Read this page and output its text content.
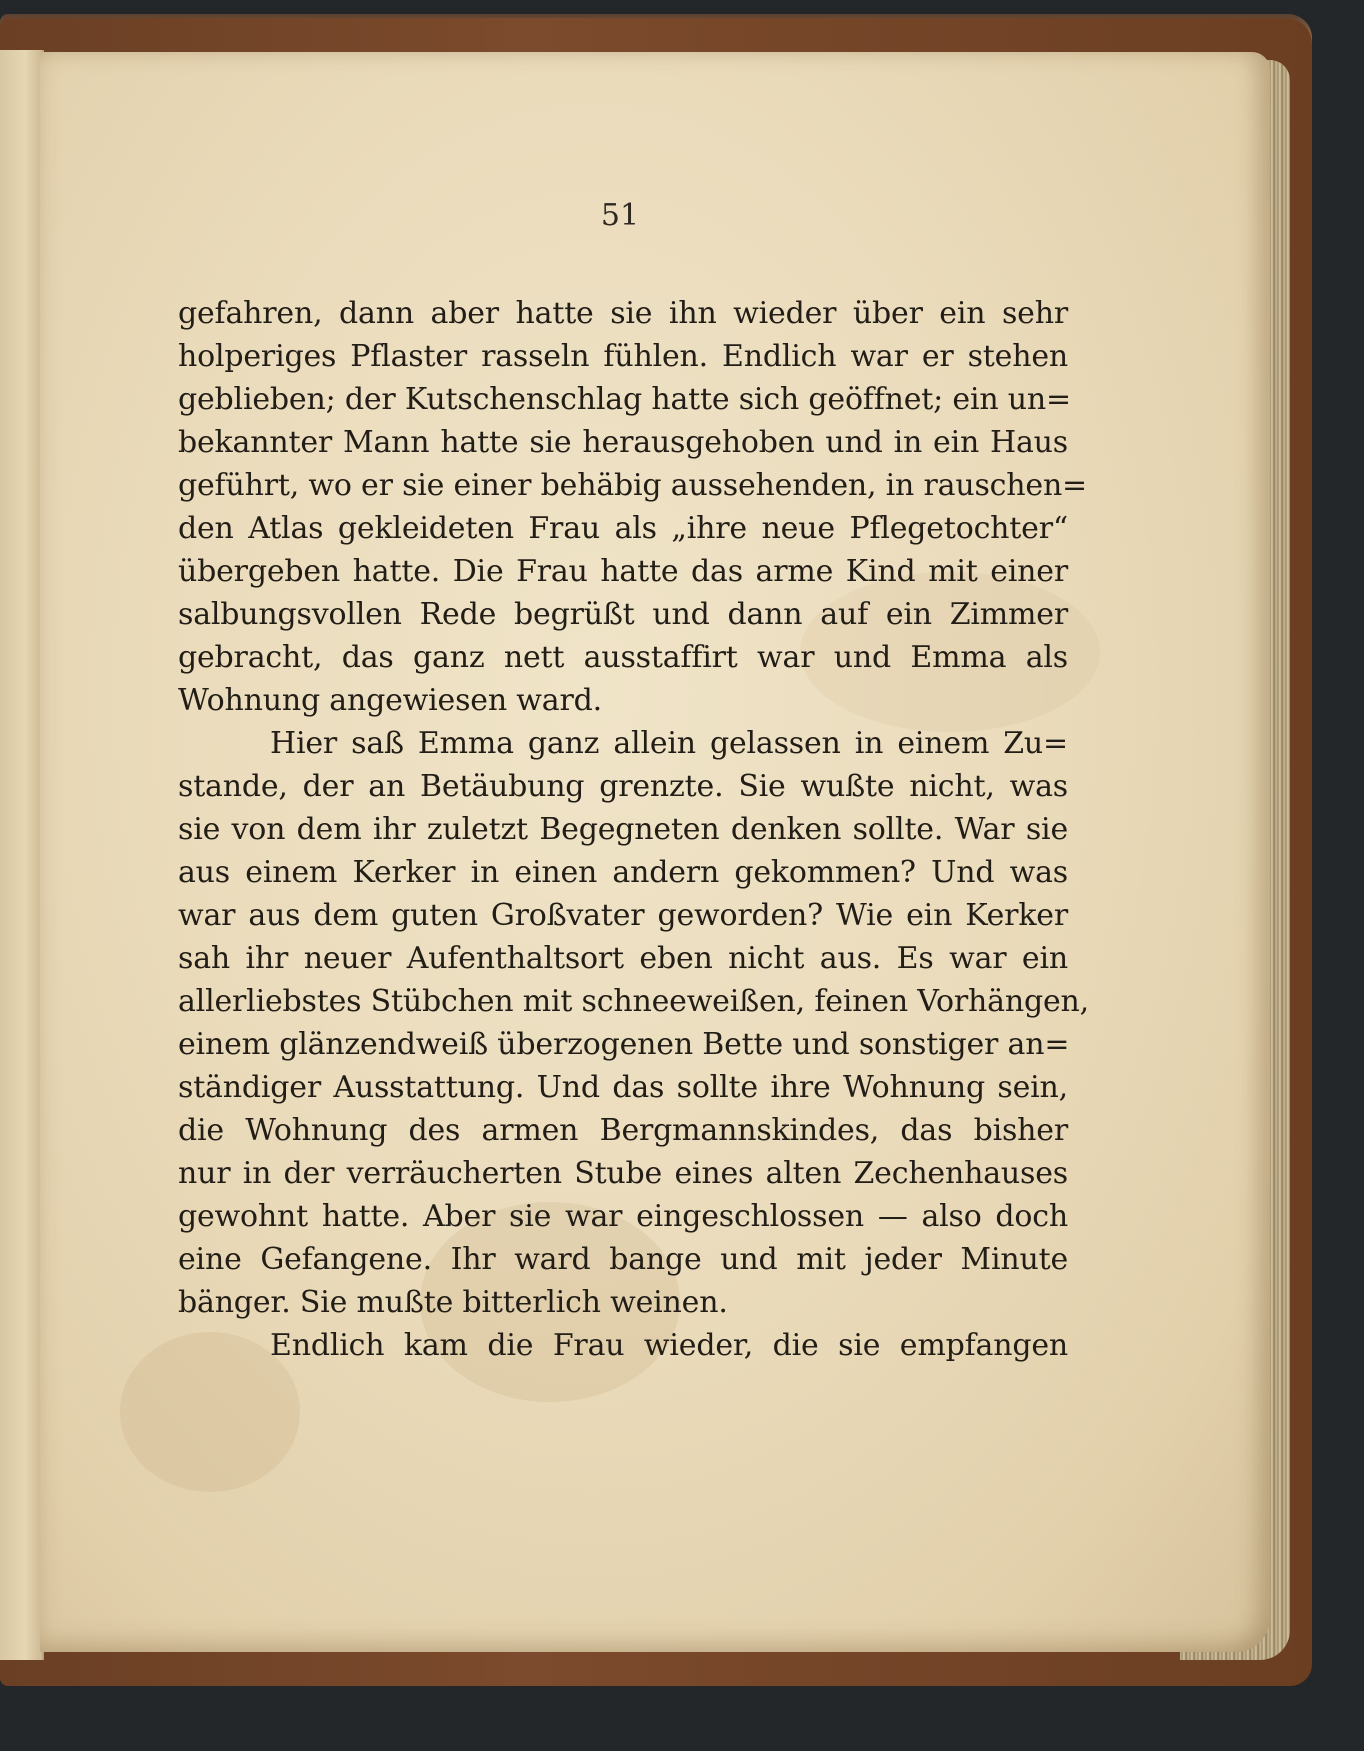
51

gefahren, dann aber hatte sie ihn wieder über ein sehr
holperiges Pflaster rasseln fühlen. Endlich war er stehen
geblieben; der Kutschenschlag hatte sich geöffnet; ein un=
bekannter Mann hatte sie herausgehoben und in ein Haus
geführt, wo er sie einer behäbig aussehenden, in rauschen=
den Atlas gekleideten Frau als „ihre neue Pflegetochter“
übergeben hatte. Die Frau hatte das arme Kind mit einer
salbungsvollen Rede begrüßt und dann auf ein Zimmer
gebracht, das ganz nett ausstaffirt war und Emma als
Wohnung angewiesen ward.
Hier saß Emma ganz allein gelassen in einem Zu=
stande, der an Betäubung grenzte. Sie wußte nicht, was
sie von dem ihr zuletzt Begegneten denken sollte. War sie
aus einem Kerker in einen andern gekommen? Und was
war aus dem guten Großvater geworden? Wie ein Kerker
sah ihr neuer Aufenthaltsort eben nicht aus. Es war ein
allerliebstes Stübchen mit schneeweißen, feinen Vorhängen,
einem glänzendweiß überzogenen Bette und sonstiger an=
ständiger Ausstattung. Und das sollte ihre Wohnung sein,
die Wohnung des armen Bergmannskindes, das bisher
nur in der verräucherten Stube eines alten Zechenhauses
gewohnt hatte. Aber sie war eingeschlossen — also doch
eine Gefangene. Ihr ward bange und mit jeder Minute
bänger. Sie mußte bitterlich weinen.
Endlich kam die Frau wieder, die sie empfangen
